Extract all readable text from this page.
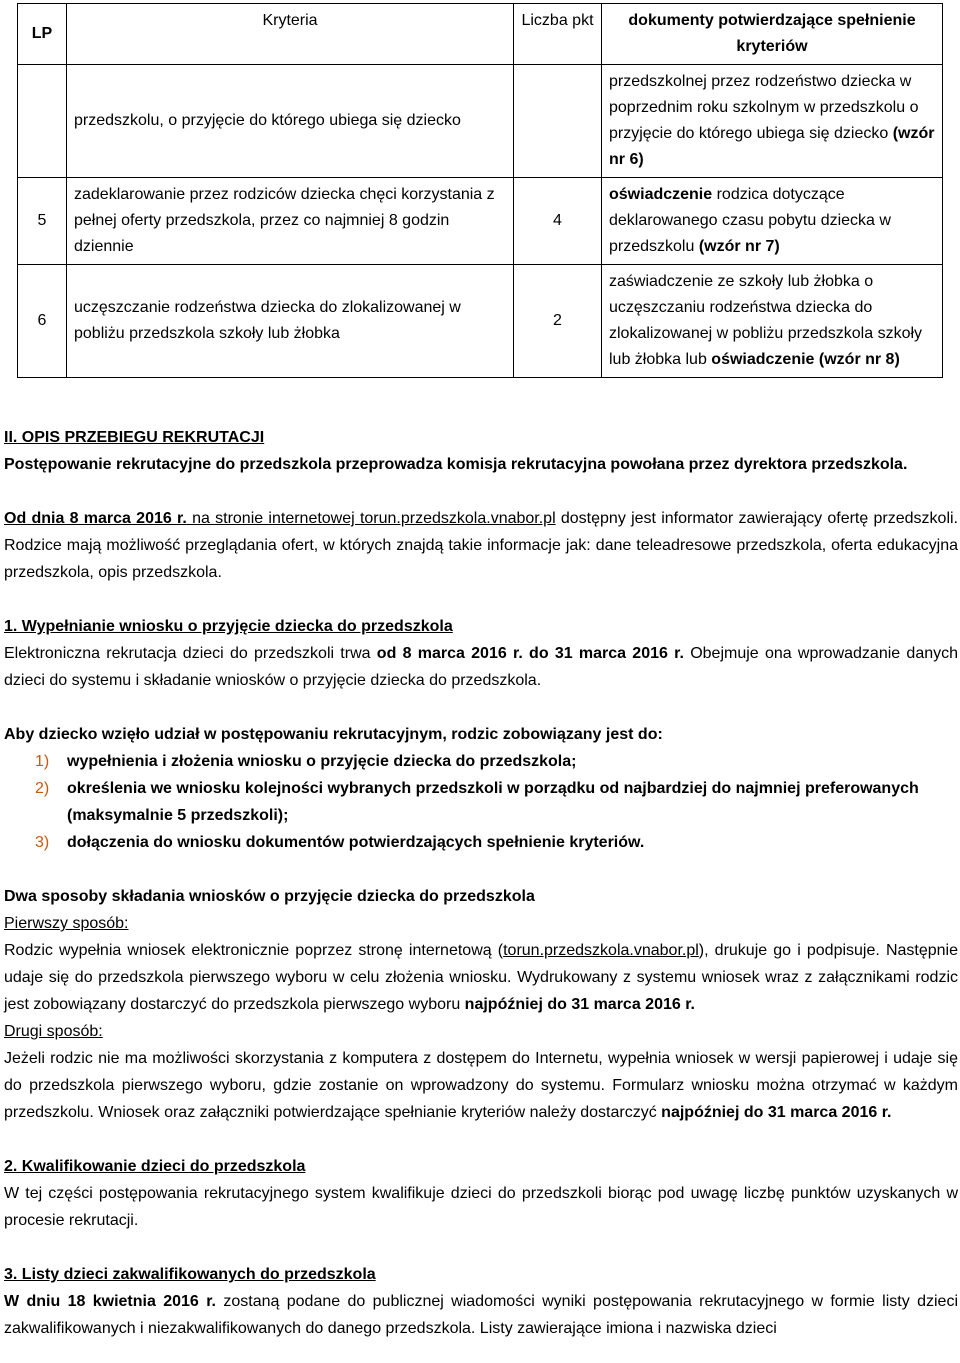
LP	Kryteria	Liczba pkt	dokumenty potwierdzające spełnienie kryteriów
	przedszkolu, o przyjęcie do którego ubiega się dziecko		przedszkolnej przez rodzeństwo dziecka w poprzednim roku szkolnym w przedszkolu o przyjęcie do którego ubiega się dziecko (wzór nr 6)
5	zadeklarowanie przez rodziców dziecka chęci korzystania z pełnej oferty przedszkola, przez co najmniej 8 godzin dziennie	4	oświadczenie rodzica dotyczące deklarowanego czasu pobytu dziecka w przedszkolu (wzór nr 7)
6	uczęszczanie rodzeństwa dziecka do zlokalizowanej w pobliżu przedszkola szkoły lub żłobka	2	zaświadczenie ze szkoły lub żłobka o uczęszczaniu rodzeństwa dziecka do zlokalizowanej w pobliżu przedszkola szkoły lub żłobka lub oświadczenie (wzór nr 8)

II. OPIS PRZEBIEGU REKRUTACJI

Postępowanie rekrutacyjne do przedszkola przeprowadza komisja rekrutacyjna powołana przez dyrektora przedszkola.

Od dnia 8 marca 2016 r. na stronie internetowej torun.przedszkola.vnabor.pl dostępny jest informator zawierający ofertę przedszkoli. Rodzice mają możliwość przeglądania ofert, w których znajdą takie informacje jak: dane teleadresowe przedszkola, oferta edukacyjna przedszkola, opis przedszkola.

1. Wypełnianie wniosku o przyjęcie dziecka do przedszkola

Elektroniczna rekrutacja dzieci do przedszkoli trwa od 8 marca 2016 r. do 31 marca 2016 r. Obejmuje ona wprowadzanie danych dzieci do systemu i składanie wniosków o przyjęcie dziecka do przedszkola.

Aby dziecko wzięło udział w postępowaniu rekrutacyjnym, rodzic zobowiązany jest do:

1)	wypełnienia i złożenia wniosku o przyjęcie dziecka do przedszkola;
2)	określenia we wniosku kolejności wybranych przedszkoli w porządku od najbardziej do najmniej preferowanych (maksymalnie 5 przedszkoli);
3)	dołączenia do wniosku dokumentów potwierdzających spełnienie kryteriów.

Dwa sposoby składania wniosków o przyjęcie dziecka do przedszkola

Pierwszy sposób:

Rodzic wypełnia wniosek elektronicznie poprzez stronę internetową (torun.przedszkola.vnabor.pl), drukuje go i podpisuje. Następnie udaje się do przedszkola pierwszego wyboru w celu złożenia wniosku. Wydrukowany z systemu wniosek wraz z załącznikami rodzic jest zobowiązany dostarczyć do przedszkola pierwszego wyboru najpóźniej do 31 marca 2016 r.

Drugi sposób:

Jeżeli rodzic nie ma możliwości skorzystania z komputera z dostępem do Internetu, wypełnia wniosek w wersji papierowej i udaje się do przedszkola pierwszego wyboru, gdzie zostanie on wprowadzony do systemu. Formularz wniosku można otrzymać w każdym przedszkolu. Wniosek oraz załączniki potwierdzające spełnianie kryteriów należy dostarczyć najpóźniej do 31 marca 2016 r.

2. Kwalifikowanie dzieci do przedszkola

W tej części postępowania rekrutacyjnego system kwalifikuje dzieci do przedszkoli biorąc pod uwagę liczbę punktów uzyskanych w procesie rekrutacji.

3. Listy dzieci zakwalifikowanych do przedszkola

W dniu 18 kwietnia 2016 r. zostaną podane do publicznej wiadomości wyniki postępowania rekrutacyjnego w formie listy dzieci zakwalifikowanych i niezakwalifikowanych do danego przedszkola. Listy zawierające imiona i nazwiska dzieci
